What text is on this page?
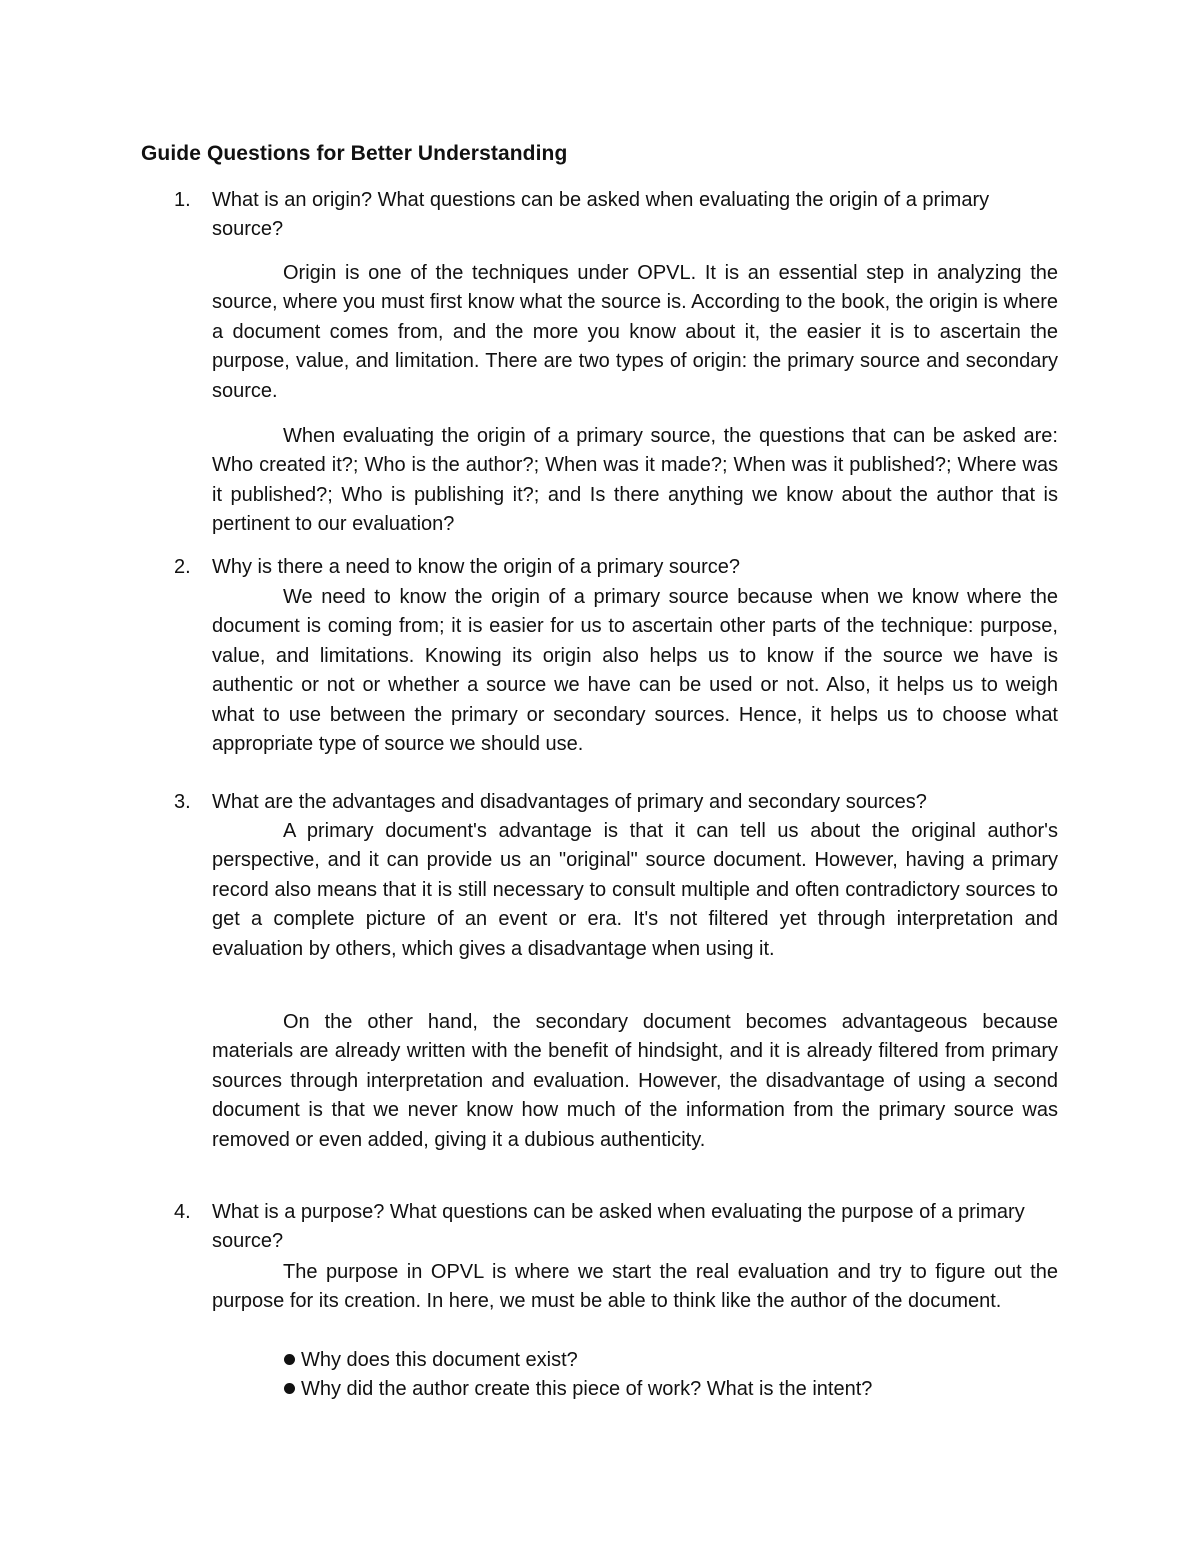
Guide Questions for Better Understanding
1. What is an origin? What questions can be asked when evaluating the origin of a primary source?
Origin is one of the techniques under OPVL. It is an essential step in analyzing the source, where you must first know what the source is. According to the book, the origin is where a document comes from, and the more you know about it, the easier it is to ascertain the purpose, value, and limitation. There are two types of origin: the primary source and secondary source.
When evaluating the origin of a primary source, the questions that can be asked are: Who created it?; Who is the author?; When was it made?; When was it published?; Where was it published?; Who is publishing it?; and Is there anything we know about the author that is pertinent to our evaluation?
2. Why is there a need to know the origin of a primary source?
We need to know the origin of a primary source because when we know where the document is coming from; it is easier for us to ascertain other parts of the technique: purpose, value, and limitations. Knowing its origin also helps us to know if the source we have is authentic or not or whether a source we have can be used or not. Also, it helps us to weigh what to use between the primary or secondary sources. Hence, it helps us to choose what appropriate type of source we should use.
3. What are the advantages and disadvantages of primary and secondary sources?
A primary document's advantage is that it can tell us about the original author's perspective, and it can provide us an "original" source document. However, having a primary record also means that it is still necessary to consult multiple and often contradictory sources to get a complete picture of an event or era. It's not filtered yet through interpretation and evaluation by others, which gives a disadvantage when using it.
On the other hand, the secondary document becomes advantageous because materials are already written with the benefit of hindsight, and it is already filtered from primary sources through interpretation and evaluation. However, the disadvantage of using a second document is that we never know how much of the information from the primary source was removed or even added, giving it a dubious authenticity.
4. What is a purpose? What questions can be asked when evaluating the purpose of a primary source?
The purpose in OPVL is where we start the real evaluation and try to figure out the purpose for its creation. In here, we must be able to think like the author of the document.
Why does this document exist?
Why did the author create this piece of work? What is the intent?
